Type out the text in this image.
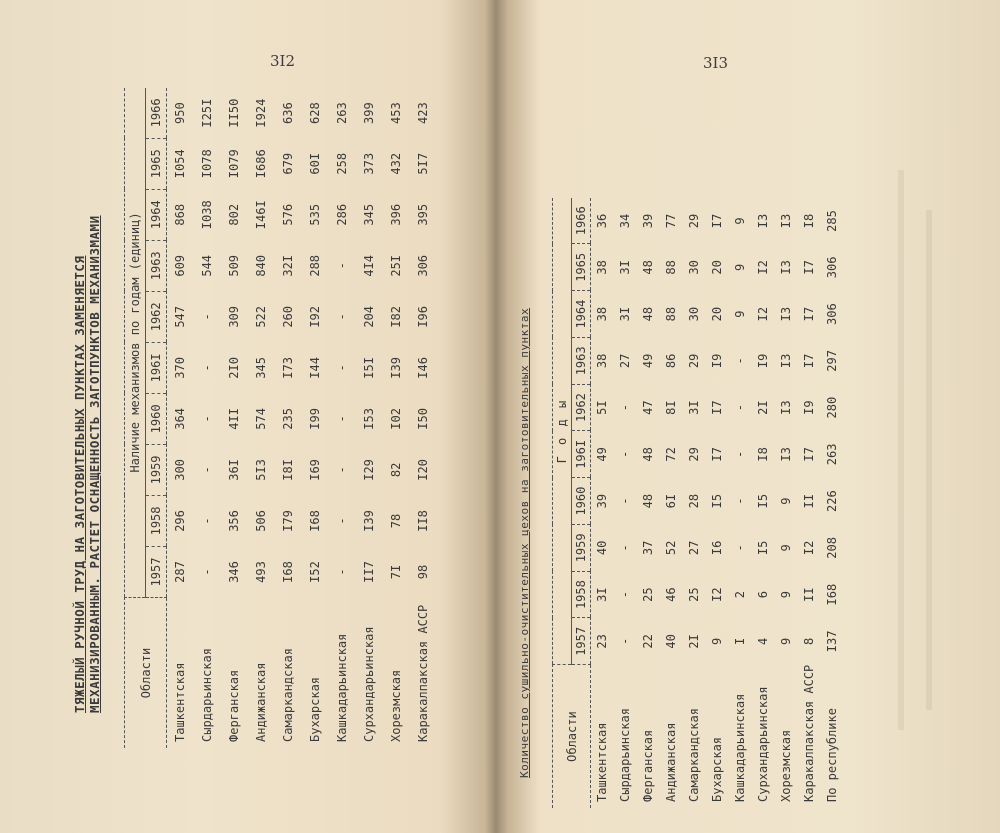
3I2
ТЯЖЕЛЫЙ РУЧНОЙ ТРУД НА ЗАГОТОВИТЕЛЬНЫХ ПУНКТАХ ЗАМЕНЯЕТСЯ МЕХАНИЗИРОВАННЫМ. РАСТЕТ ОСНАЩЕННОСТЬ ЗАГОТПУНКТОВ МЕХАНИЗМАМИ	Области	Наличие механизмов по годам (единиц)									
	1957	1958	1959	1960	196I	1962	1963	1964	1965	1966
Ташкентская	287	296	300	364	370	547	609	868	I054	950
Сырдарьинская	-	-	-	-	-	-	544	I038	I078	I25I
Ферганская	346	356	36I	4II	2I0	309	509	802	I079	II50
Андижанская	493	506	5I3	574	345	522	840	I46I	I686	I924
Самаркандская	I68	I79	I8I	235	I73	260	32I	576	679	636
Бухарская	I52	I68	I69	I99	I44	I92	288	535	60I	628
Кашкадарьинская	-	-	-	-	-	-	-	286	258	263
Сурхандарьинская	II7	I39	I29	I53	I5I	204	4I4	345	373	399
Хорезмская	7I	78	82	I02	I39	I82	25I	396	432	453
Каракалпакская АССР	98	II8	I20	I50	I46	I96	306	395	5I7	423
3I3
Количество сушильно-очистительных цехов на заготовительных пунктах	Области	Г о д ы									
	1957	1958	1959	1960	196I	1962	1963	1964	1965	1966
Ташкентская	23	3I	40	39	49	5I	38	38	38	36
Сырдарьинская	-	-	-	-	-	-	27	3I	3I	34
Ферганская	22	25	37	48	48	47	49	48	48	39
Андижанская	40	46	52	6I	72	8I	86	88	88	77
Самаркандская	2I	25	27	28	29	3I	29	30	30	29
Бухарская	9	I2	I6	I5	I7	I7	I9	20	20	I7
Кашкадарьинская	I	2	-	-	-	-	-	9	9	9
Сурхандарьинская	4	6	I5	I5	I8	2I	I9	I2	I2	I3
Хорезмская	9	9	9	9	I3	I3	I3	I3	I3	I3
Каракалпакская АССР	8	II	I2	II	I7	I9	I7	I7	I7	I8
По республике	I37	I68	208	226	263	280	297	306	306	285
